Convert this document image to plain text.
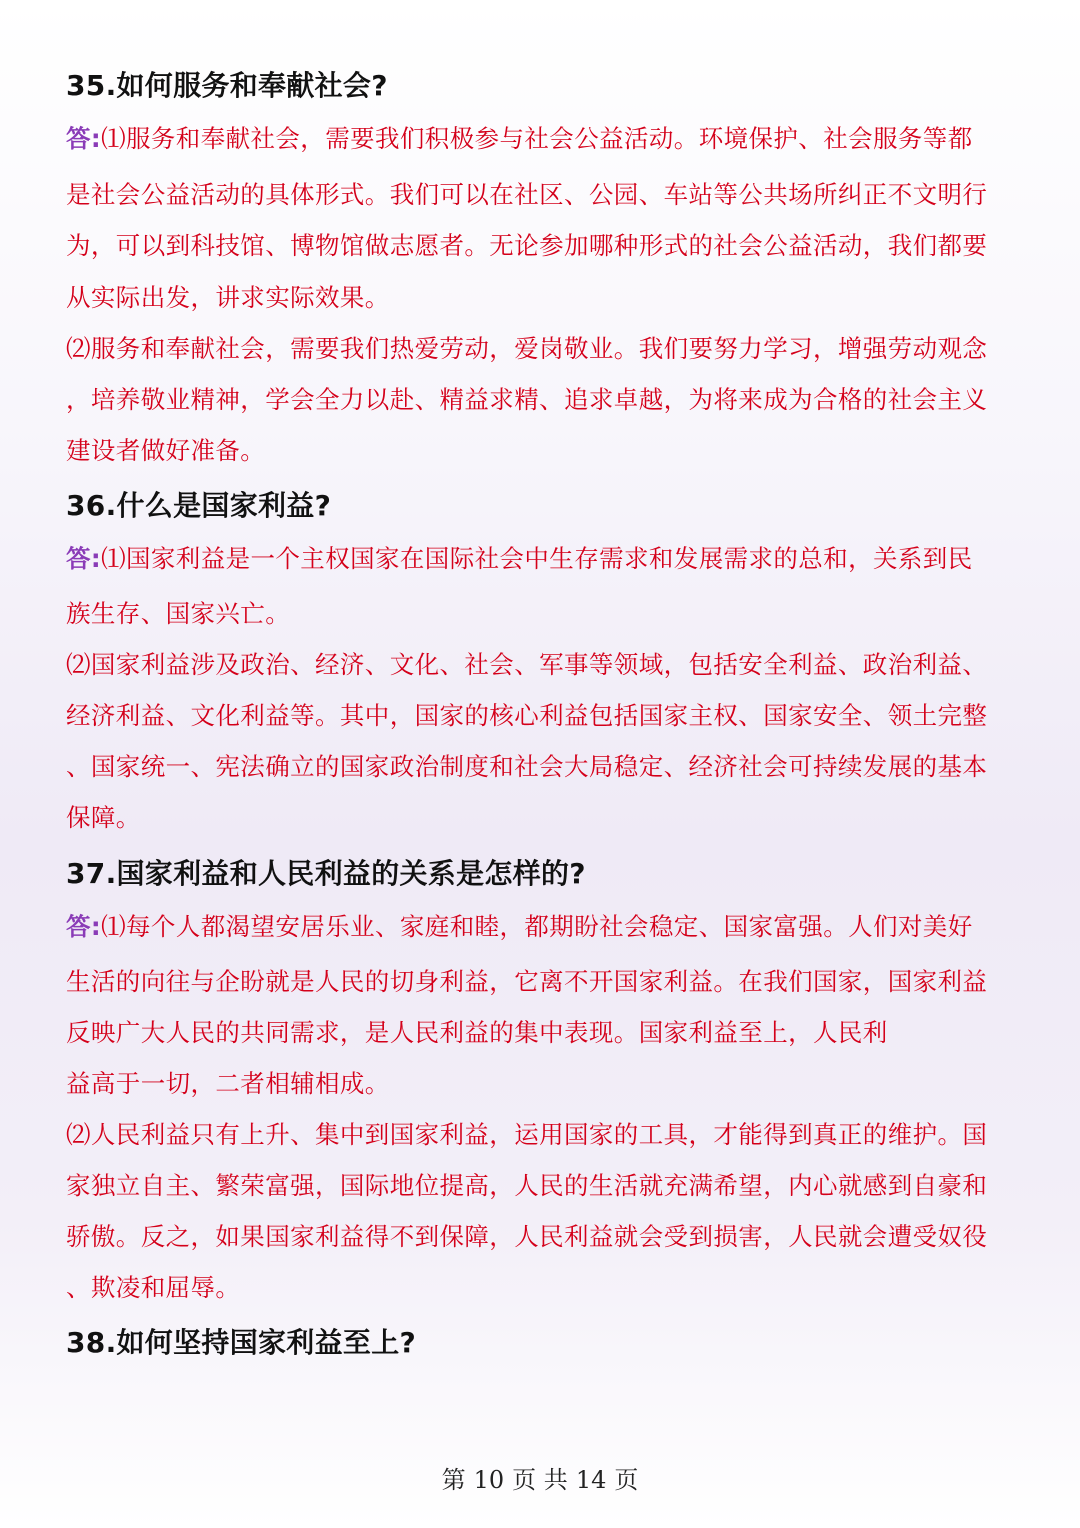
35.如何服务和奉献社会?
答:⑴服务和奉献社会，需要我们积极参与社会公益活动。环境保护、社会服务等都
是社会公益活动的具体形式。我们可以在社区、公园、车站等公共场所纠正不文明行
为，可以到科技馆、博物馆做志愿者。无论参加哪种形式的社会公益活动，我们都要
从实际出发，讲求实际效果。
⑵服务和奉献社会，需要我们热爱劳动，爱岗敬业。我们要努力学习，增强劳动观念
，培养敬业精神，学会全力以赴、精益求精、追求卓越，为将来成为合格的社会主义
建设者做好准备。
36.什么是国家利益?
答:⑴国家利益是一个主权国家在国际社会中生存需求和发展需求的总和，关系到民
族生存、国家兴亡。
⑵国家利益涉及政治、经济、文化、社会、军事等领域，包括安全利益、政治利益、
经济利益、文化利益等。其中，国家的核心利益包括国家主权、国家安全、领土完整
、国家统一、宪法确立的国家政治制度和社会大局稳定、经济社会可持续发展的基本
保障。
37.国家利益和人民利益的关系是怎样的?
答:⑴每个人都渴望安居乐业、家庭和睦，都期盼社会稳定、国家富强。人们对美好
生活的向往与企盼就是人民的切身利益，它离不开国家利益。在我们国家，国家利益
反映广大人民的共同需求，是人民利益的集中表现。国家利益至上，人民利
益高于一切，二者相辅相成。
⑵人民利益只有上升、集中到国家利益，运用国家的工具，才能得到真正的维护。国
家独立自主、繁荣富强，国际地位提高，人民的生活就充满希望，内心就感到自豪和
骄傲。反之，如果国家利益得不到保障，人民利益就会受到损害，人民就会遭受奴役
、欺凌和屈辱。
38.如何坚持国家利益至上?
第 10 页 共 14 页
